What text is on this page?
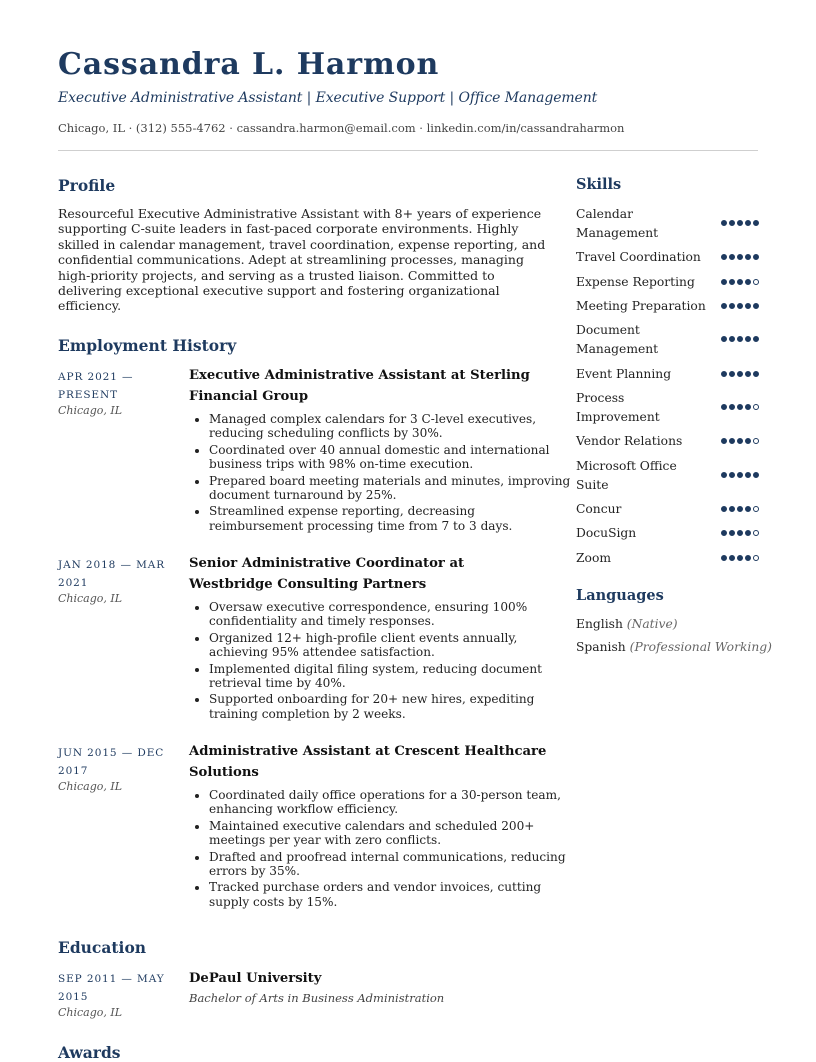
Cassandra L. Harmon
Executive Administrative Assistant | Executive Support | Office Management
Chicago, IL · (312) 555-4762 · cassandra.harmon@email.com · linkedin.com/in/cassandraharmon
Profile
Resourceful Executive Administrative Assistant with 8+ years of experience supporting C-suite leaders in fast-paced corporate environments. Highly skilled in calendar management, travel coordination, expense reporting, and confidential communications. Adept at streamlining processes, managing high-priority projects, and serving as a trusted liaison. Committed to delivering exceptional executive support and fostering organizational efficiency.
Employment History
APR 2021 — PRESENT
Chicago, IL
Executive Administrative Assistant at Sterling Financial Group
• Managed complex calendars for 3 C-level executives, reducing scheduling conflicts by 30%.
• Coordinated over 40 annual domestic and international business trips with 98% on-time execution.
• Prepared board meeting materials and minutes, improving document turnaround by 25%.
• Streamlined expense reporting, decreasing reimbursement processing time from 7 to 3 days.
JAN 2018 — MAR 2021
Chicago, IL
Senior Administrative Coordinator at Westbridge Consulting Partners
• Oversaw executive correspondence, ensuring 100% confidentiality and timely responses.
• Organized 12+ high-profile client events annually, achieving 95% attendee satisfaction.
• Implemented digital filing system, reducing document retrieval time by 40%.
• Supported onboarding for 20+ new hires, expediting training completion by 2 weeks.
JUN 2015 — DEC 2017
Chicago, IL
Administrative Assistant at Crescent Healthcare Solutions
• Coordinated daily office operations for a 30-person team, enhancing workflow efficiency.
• Maintained executive calendars and scheduled 200+ meetings per year with zero conflicts.
• Drafted and proofread internal communications, reducing errors by 35%.
• Tracked purchase orders and vendor invoices, cutting supply costs by 15%.
Education
SEP 2011 — MAY 2015
Chicago, IL
DePaul University
Bachelor of Arts in Business Administration
Awards
Skills
Calendar Management
Travel Coordination
Expense Reporting
Meeting Preparation
Document Management
Event Planning
Process Improvement
Vendor Relations
Microsoft Office Suite
Concur
DocuSign
Zoom
Languages
English (Native)
Spanish (Professional Working)
